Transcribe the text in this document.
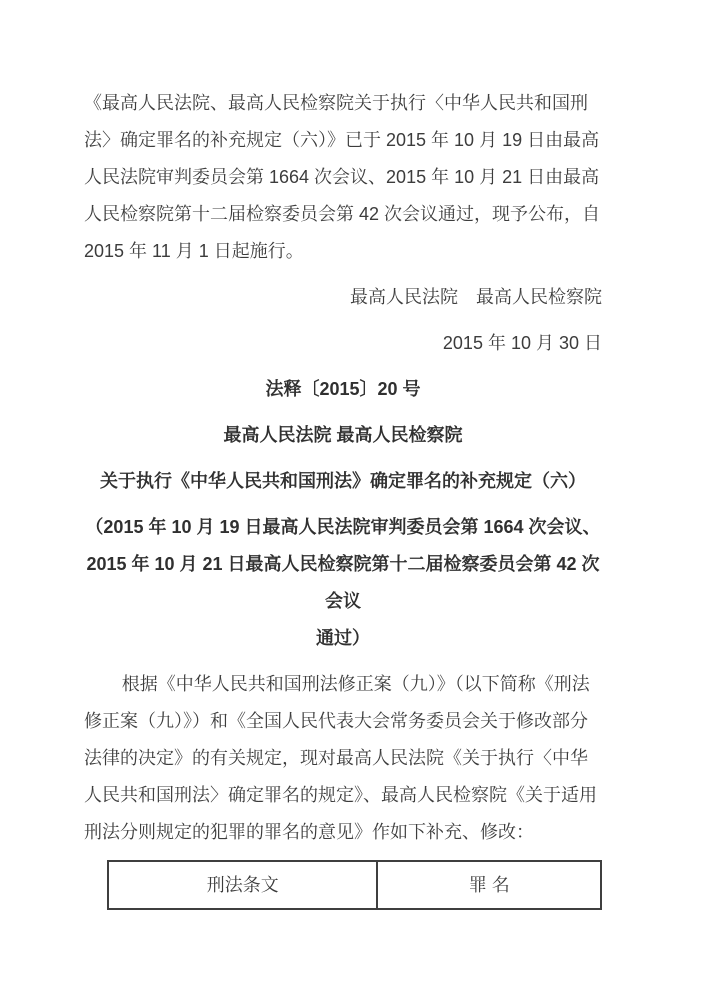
《最高人民法院、最高人民检察院关于执行〈中华人民共和国刑法〉确定罪名的补充规定（六）》已于 2015 年 10 月 19 日由最高人民法院审判委员会第 1664 次会议、2015 年 10 月 21 日由最高人民检察院第十二届检察委员会第 42 次会议通过，现予公布，自 2015 年 11 月 1 日起施行。

最高人民法院　最高人民检察院

2015 年 10 月 30 日

法释〔2015〕20 号

最高人民法院 最高人民检察院

关于执行《中华人民共和国刑法》确定罪名的补充规定（六）

（2015 年 10 月 19 日最高人民法院审判委员会第 1664 次会议、
2015 年 10 月 21 日最高人民检察院第十二届检察委员会第 42 次会议
通过）

根据《中华人民共和国刑法修正案（九）》（以下简称《刑法修正案（九）》）和《全国人民代表大会常务委员会关于修改部分法律的决定》的有关规定，现对最高人民法院《关于执行〈中华人民共和国刑法〉确定罪名的规定》、最高人民检察院《关于适用刑法分则规定的犯罪的罪名的意见》作如下补充、修改：

刑法条文	罪 名
